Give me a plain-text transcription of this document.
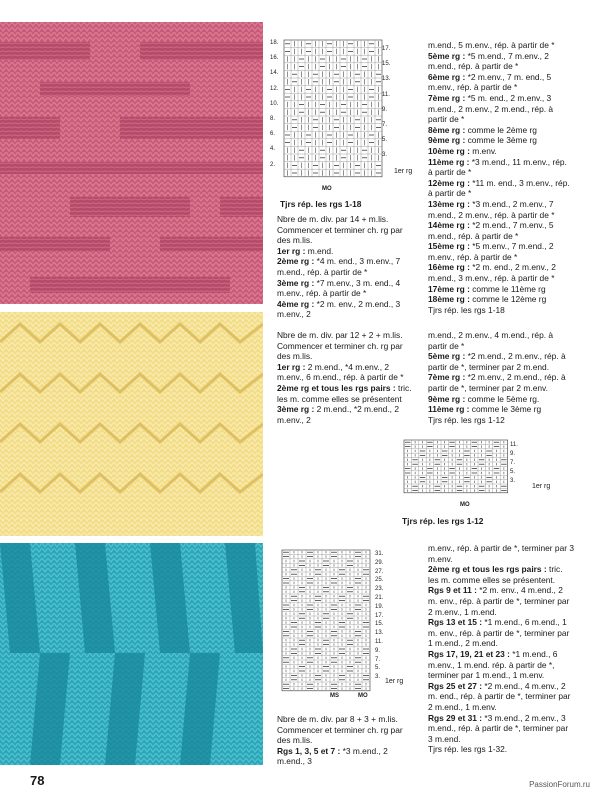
18.
16.
14.
12.
10.
8.
6.
4.
2.
17.
15.
13.
11.
9.
7.
5.
3.
1er rg
MO
Tjrs rép. les rgs 1-18

Nbre de m. div. par 14 + m.lis.

Commencer et terminer ch. rg par des m.lis.

1er rg : m.end.

2ème rg : *4 m. end., 3 m.env., 7 m.end., rép. à partir de *

3ème rg : *7 m.env., 3 m. end., 4 m.env., rép. à partir de *

4ème rg : *2 m. env., 2 m.end., 3 m.env., 2

m.end., 5 m.env., rép. à partir de *

5ème rg : *5 m.end., 7 m.env., 2 m.end., rép. à partir de *

6ème rg : *2 m.env., 7 m. end., 5 m.env., rép. à partir de *

7ème rg : *5 m. end., 2 m.env., 3 m.end., 2 m.env., 2 m.end., rép. à partir de *

8ème rg : comme le 2ème rg

9ème rg : comme le 3ème rg

10ème rg : m.env.

11ème rg : *3 m.end., 11 m.env., rép. à partir de *

12ème rg : *11 m. end., 3 m.env., rép. à partir de *

13ème rg : *3 m.end., 2 m.env., 7 m.end., 2 m.env., rép. à partir de *

14ème rg : *2 m.end., 7 m.env., 5 m.end., rép. à partir de *

15ème rg : *5 m.env., 7 m.end., 2 m.env., rép. à partir de *

16ème rg : *2 m. end., 2 m.env., 2 m.end., 3 m.env., rép. à partir de *

17ème rg : comme le 11ème rg

18ème rg : comme le 12ème rg

Tjrs rép. les rgs 1-18

Nbre de m. div. par 12 + 2 + m.lis.

Commencer et terminer ch. rg par des m.lis.

1er rg : 2 m.end., *4 m.env., 2 m.env., 6 m.end., rép. à partir de *

2ème rg et tous les rgs pairs : tric. les m. comme elles se présentent

3ème rg : 2 m.end., *2 m.end., 2 m.env., 2

m.end., 2 m.env., 4 m.end., rép. à partir de *

5ème rg : *2 m.end., 2 m.env., rép. à partir de *, terminer par 2 m.end.

7ème rg : *2 m.env., 2 m.end., rép. à partir de *, terminer par 2 m.env.

9ème rg : comme le 5ème rg.

11ème rg : comme le 3ème rg

Tjrs rép. les rgs 1-12

11.
9.
7.
5.
3.
1er rg
MO
Tjrs rép. les rgs 1-12
31.
29.
27.
25.
23.
21.
19.
17.
15.
13.
11.
9.
7.
5.
3.
1er rg
MS	MO

Nbre de m. div. par 8 + 3 + m.lis.

Commencer et terminer ch. rg par des m.lis.

Rgs 1, 3, 5 et 7 : *3 m.end., 2 m.end., 3

m.env., rép. à partir de *, terminer par 3 m.env.

2ème rg et tous les rgs pairs : tric. les m. comme elles se présentent.

Rgs 9 et 11 : *2 m. env., 4 m.end., 2 m. env., rép. à partir de *, terminer par 2 m.env., 1 m.end.

Rgs 13 et 15 : *1 m.end., 6 m.end., 1 m. env., rép. à partir de *, terminer par 1 m.end., 2 m.end.

Rgs 17, 19, 21 et 23 : *1 m.end., 6 m.env., 1 m.end. rép. à partir de *, terminer par 1 m.end., 1 m.env.

Rgs 25 et 27 : *2 m.end., 4 m.env., 2 m. end., rép. à partir de *, terminer par 2 m.end., 1 m.env.

Rgs 29 et 31 : *3 m.end., 2 m.env., 3 m.end., rép. à partir de *, terminer par 3 m.end.

Tjrs rép. les rgs 1-32.

78	PassionForum.ru
